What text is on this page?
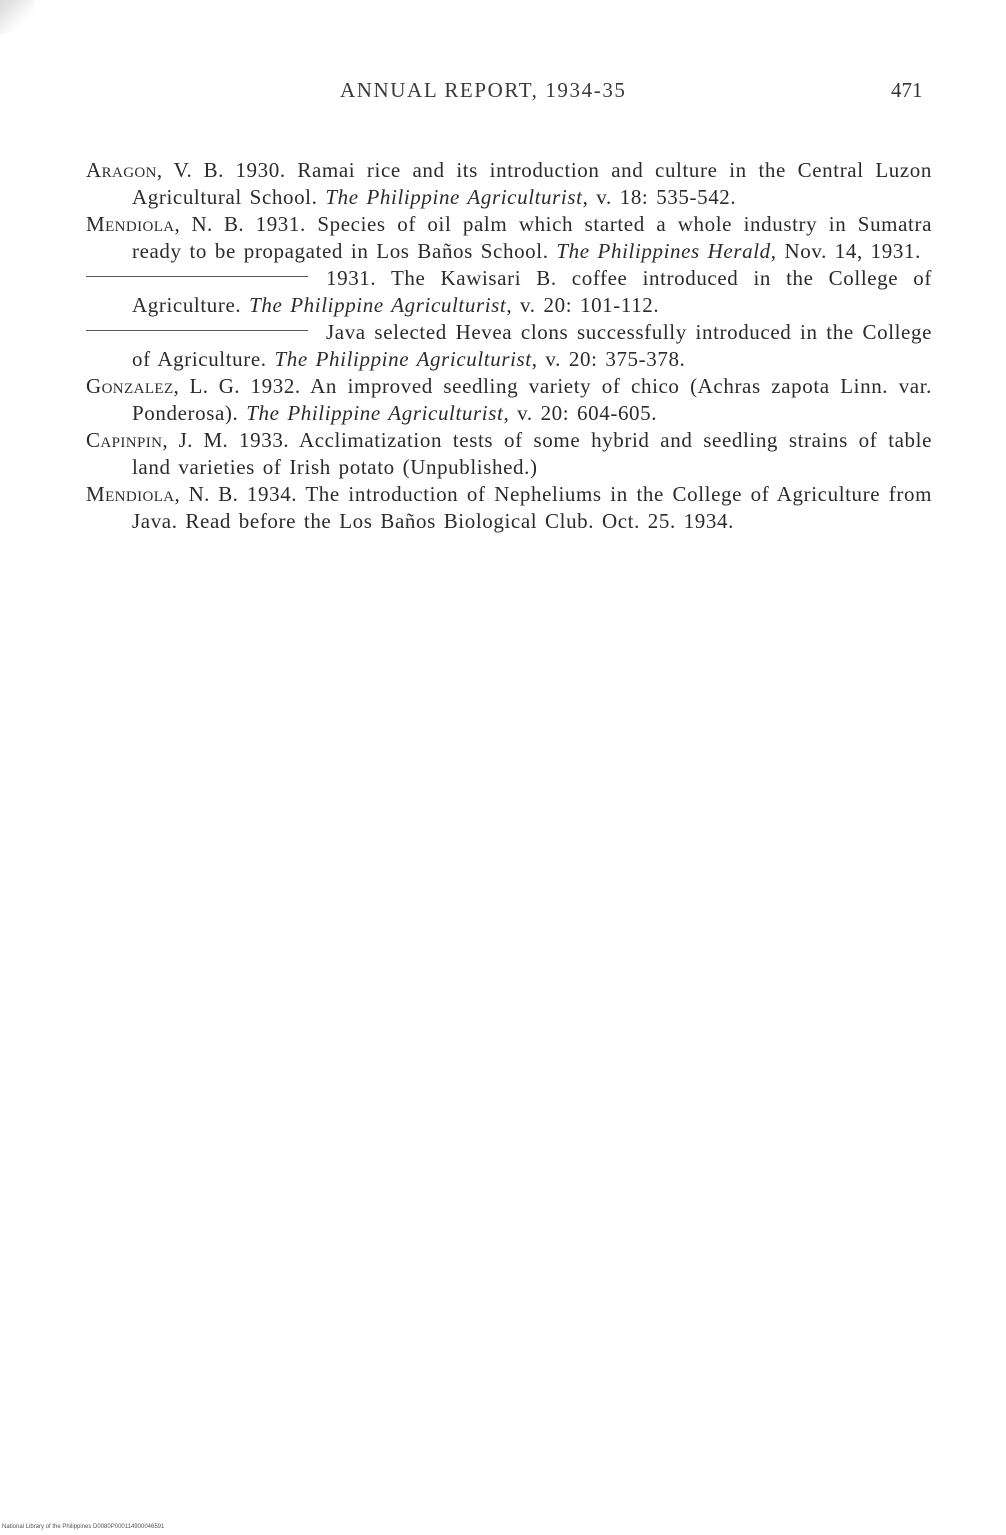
ANNUAL REPORT, 1934-35	471

Aragon, V. B. 1930. Ramai rice and its introduction and culture in the Central Luzon Agricultural School. The Philippine Agriculturist, v. 18: 535-542.

Mendiola, N. B. 1931. Species of oil palm which started a whole industry in Sumatra ready to be propagated in Los Baños School. The Philippines Herald, Nov. 14, 1931.

1931. The Kawisari B. coffee introduced in the College of Agriculture. The Philippine Agriculturist, v. 20: 101-112.

Java selected Hevea clons successfully introduced in the College of Agriculture. The Philippine Agriculturist, v. 20: 375-378.

Gonzalez, L. G. 1932. An improved seedling variety of chico (Achras zapota Linn. var. Ponderosa). The Philippine Agriculturist, v. 20: 604-605.

Capinpin, J. M. 1933. Acclimatization tests of some hybrid and seedling strains of table land varieties of Irish potato (Unpublished.)

Mendiola, N. B. 1934. The introduction of Nepheliums in the College of Agriculture from Java. Read before the Los Baños Biological Club. Oct. 25. 1934.

National Library of the Philippines D0080P000114900046591
